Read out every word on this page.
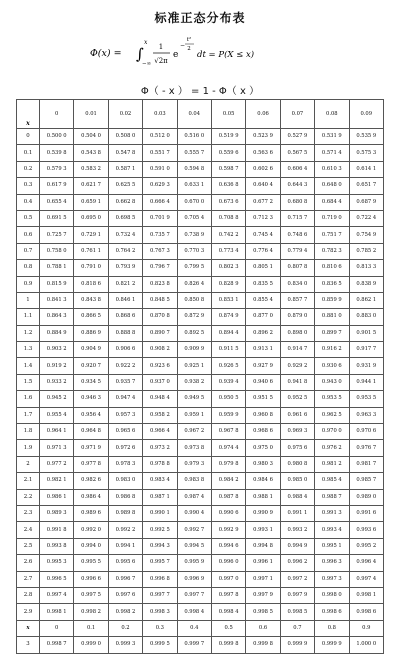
标准正态分布表
Φ(x) = ∫
x
−∞
1
√2π
e
−
t²
2
dt = P(X ≤ x)
Φ（ - x ） = 1 - Φ（ x ）
x	0	0.01	0.02	0.03	0.04	0.05	0.06	0.07	0.08	0.09
0	0.500 0	0.504 0	0.508 0	0.512 0	0.516 0	0.519 9	0.523 9	0.527 9	0.531 9	0.535 9
0.1	0.539 8	0.543 8	0.547 8	0.551 7	0.555 7	0.559 6	0.563 6	0.567 5	0.571 4	0.575 3
0.2	0.579 3	0.583 2	0.587 1	0.591 0	0.594 8	0.598 7	0.602 6	0.606 4	0.610 3	0.614 1
0.3	0.617 9	0.621 7	0.625 5	0.629 3	0.633 1	0.636 8	0.640 4	0.644 3	0.648 0	0.651 7
0.4	0.655 4	0.659 1	0.662 8	0.666 4	0.670 0	0.673 6	0.677 2	0.680 8	0.684 4	0.687 9
0.5	0.691 5	0.695 0	0.698 5	0.701 9	0.705 4	0.708 8	0.712 3	0.715 7	0.719 0	0.722 4
0.6	0.725 7	0.729 1	0.732 4	0.735 7	0.738 9	0.742 2	0.745 4	0.748 6	0.751 7	0.754 9
0.7	0.758 0	0.761 1	0.764 2	0.767 3	0.770 3	0.773 4	0.776 4	0.779 4	0.782 3	0.785 2
0.8	0.788 1	0.791 0	0.793 9	0.796 7	0.799 5	0.802 3	0.805 1	0.807 8	0.810 6	0.813 3
0.9	0.815 9	0.818 6	0.821 2	0.823 8	0.826 4	0.828 9	0.835 5	0.834 0	0.836 5	0.838 9
1	0.841 3	0.843 8	0.846 1	0.848 5	0.850 8	0.853 1	0.855 4	0.857 7	0.859 9	0.862 1
1.1	0.864 3	0.866 5	0.868 6	0.870 8	0.872 9	0.874 9	0.877 0	0.879 0	0.881 0	0.883 0
1.2	0.884 9	0.886 9	0.888 8	0.890 7	0.892 5	0.894 4	0.896 2	0.898 0	0.899 7	0.901 5
1.3	0.903 2	0.904 9	0.906 6	0.908 2	0.909 9	0.911 5	0.913 1	0.914 7	0.916 2	0.917 7
1.4	0.919 2	0.920 7	0.922 2	0.923 6	0.925 1	0.926 5	0.927 9	0.929 2	0.930 6	0.931 9
1.5	0.933 2	0.934 5	0.935 7	0.937 0	0.938 2	0.939 4	0.940 6	0.941 8	0.943 0	0.944 1
1.6	0.945 2	0.946 3	0.947 4	0.948 4	0.949 5	0.950 5	0.951 5	0.952 5	0.953 5	0.953 5
1.7	0.955 4	0.956 4	0.957 3	0.958 2	0.959 1	0.959 9	0.960 8	0.961 6	0.962 5	0.963 3
1.8	0.964 1	0.964 8	0.965 6	0.966 4	0.967 2	0.967 8	0.968 6	0.969 3	0.970 0	0.970 6
1.9	0.971 3	0.971 9	0.972 6	0.973 2	0.973 8	0.974 4	0.975 0	0.975 6	0.976 2	0.976 7
2	0.977 2	0.977 8	0.978 3	0.978 8	0.979 3	0.979 8	0.980 3	0.980 8	0.981 2	0.981 7
2.1	0.982 1	0.982 6	0.983 0	0.983 4	0.983 8	0.984 2	0.984 6	0.985 0	0.985 4	0.985 7
2.2	0.986 1	0.986 4	0.986 8	0.987 1	0.987 4	0.987 8	0.988 1	0.988 4	0.988 7	0.989 0
2.3	0.989 3	0.989 6	0.989 8	0.990 1	0.990 4	0.990 6	0.990 9	0.991 1	0.991 3	0.991 6
2.4	0.991 8	0.992 0	0.992 2	0.992 5	0.992 7	0.992 9	0.993 1	0.993 2	0.993 4	0.993 6
2.5	0.993 8	0.994 0	0.994 1	0.994 3	0.994 5	0.994 6	0.994 8	0.994 9	0.995 1	0.995 2
2.6	0.995 3	0.995 5	0.995 6	0.995 7	0.995 9	0.996 0	0.996 1	0.996 2	0.996 3	0.996 4
2.7	0.996 5	0.996 6	0.996 7	0.996 8	0.996 9	0.997 0	0.997 1	0.997 2	0.997 3	0.997 4
2.8	0.997 4	0.997 5	0.997 6	0.997 7	0.997 7	0.997 8	0.997 9	0.997 9	0.998 0	0.998 1
2.9	0.998 1	0.998 2	0.998 2	0.998 3	0.998 4	0.998 4	0.998 5	0.998 5	0.998 6	0.998 6
x	0	0.1	0.2	0.3	0.4	0.5	0.6	0.7	0.8	0.9
3	0.998 7	0.999 0	0.999 3	0.999 5	0.999 7	0.999 8	0.999 8	0.999 9	0.999 9	1.000 0
